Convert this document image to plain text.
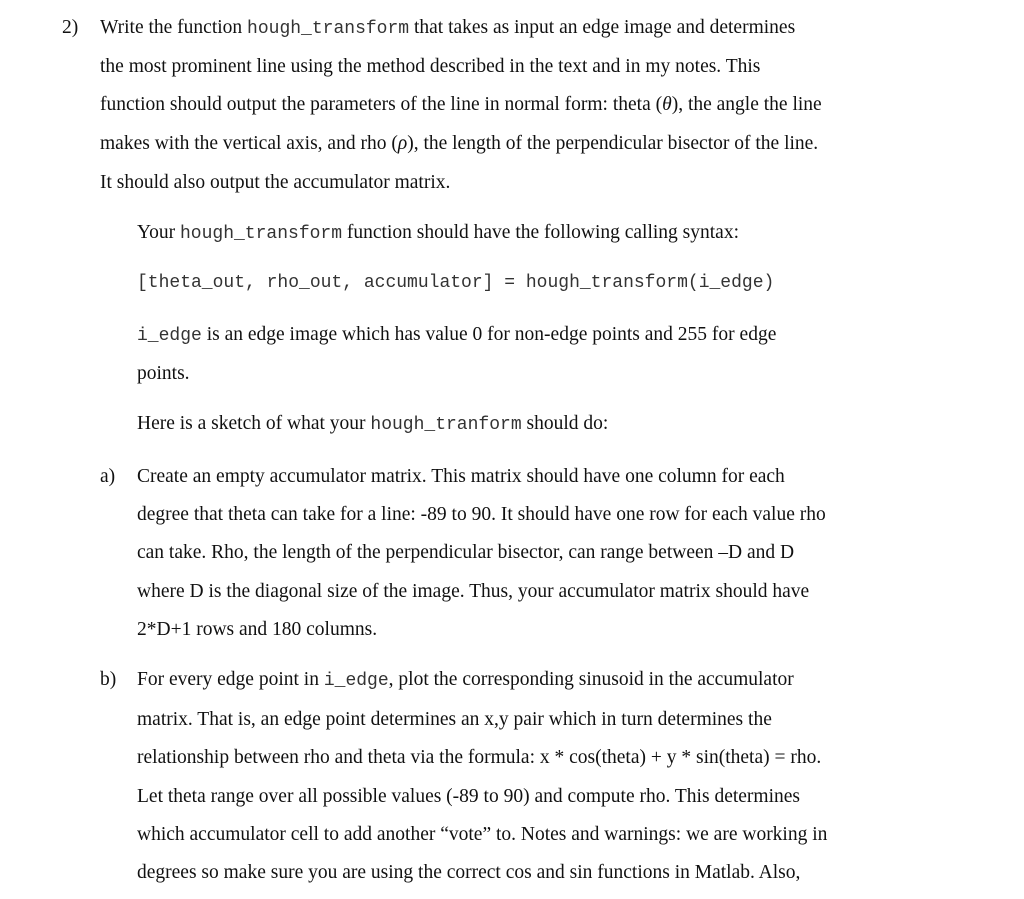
2) Write the function hough_transform that takes as input an edge image and determines
the most prominent line using the method described in the text and in my notes. This
function should output the parameters of the line in normal form: theta (θ), the angle the line
makes with the vertical axis, and rho (ρ), the length of the perpendicular bisector of the line.
It should also output the accumulator matrix.
Your hough_transform function should have the following calling syntax:
[theta_out, rho_out, accumulator] = hough_transform(i_edge)
i_edge is an edge image which has value 0 for non-edge points and 255 for edge
points.
Here is a sketch of what your hough_tranform should do:
a) Create an empty accumulator matrix. This matrix should have one column for each
degree that theta can take for a line: -89 to 90. It should have one row for each value rho
can take. Rho, the length of the perpendicular bisector, can range between –D and D
where D is the diagonal size of the image. Thus, your accumulator matrix should have
2*D+1 rows and 180 columns.
b) For every edge point in i_edge, plot the corresponding sinusoid in the accumulator
matrix. That is, an edge point determines an x,y pair which in turn determines the
relationship between rho and theta via the formula: x * cos(theta) + y * sin(theta) = rho.
Let theta range over all possible values (-89 to 90) and compute rho. This determines
which accumulator cell to add another “vote” to. Notes and warnings: we are working in
degrees so make sure you are using the correct cos and sin functions in Matlab. Also,
